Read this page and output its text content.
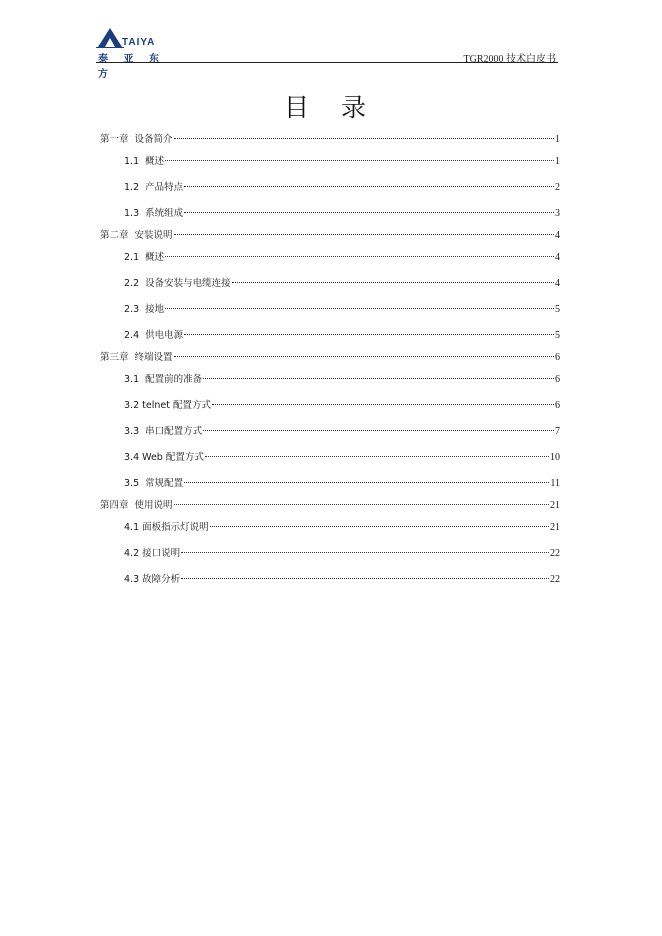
TAIYA
泰 亚 东 方
TGR2000 技术白皮书
目 录
第一章  设备简介	1
1.1  概述	1
1.2  产品特点	2
1.3  系统组成	3
第二章  安装说明	4
2.1  概述	4
2.2  设备安装与电缆连接	4
2.3  接地	5
2.4  供电电源	5
第三章  终端设置	6
3.1  配置前的准备	6
3.2 telnet 配置方式	6
3.3  串口配置方式	7
3.4 Web 配置方式	10
3.5  常规配置	11
第四章  使用说明	21
4.1 面板指示灯说明	21
4.2 接口说明	22
4.3 故障分析	22
